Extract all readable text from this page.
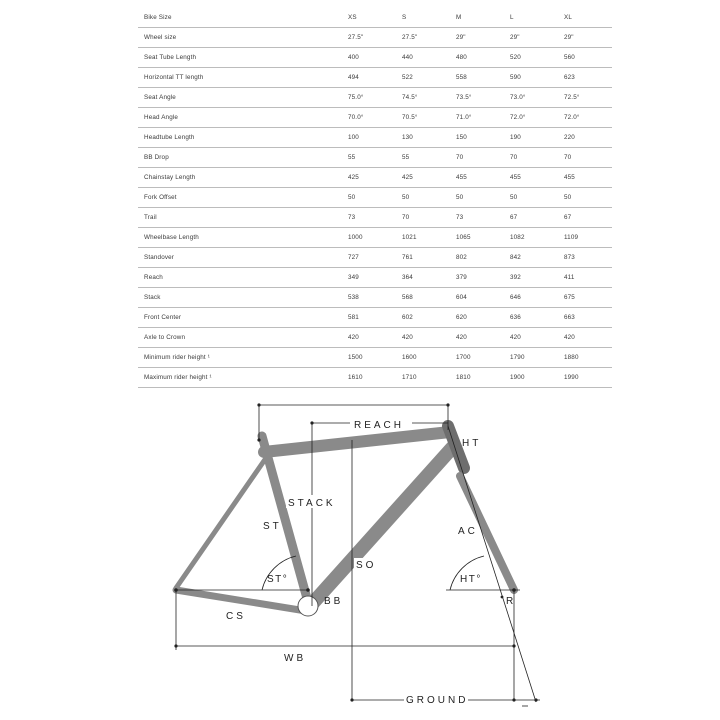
Bike Size	XS	S	M	L	XL
Wheel size	27.5"	27.5"	29"	29"	29"
Seat Tube Length	400	440	480	520	560
Horizontal TT length	494	522	558	590	623
Seat Angle	75.0°	74.5°	73.5°	73.0°	72.5°
Head Angle	70.0°	70.5°	71.0°	72.0°	72.0°
Headtube Length	100	130	150	190	220
BB Drop	55	55	70	70	70
Chainstay Length	425	425	455	455	455
Fork Offset	50	50	50	50	50
Trail	73	70	73	67	67
Wheelbase Length	1000	1021	1065	1082	1109
Standover	727	761	802	842	873
Reach	349	364	379	392	411
Stack	538	568	604	646	675
Front Center	581	602	620	636	663
Axle to Crown	420	420	420	420	420
Minimum rider height ¹	1500	1600	1700	1790	1880
Maximum rider height ¹	1610	1710	1810	1900	1990
REACH
HT
STACK
ST	AC
SO
ST°	HT°
BB	R
CS
WB
GROUND
